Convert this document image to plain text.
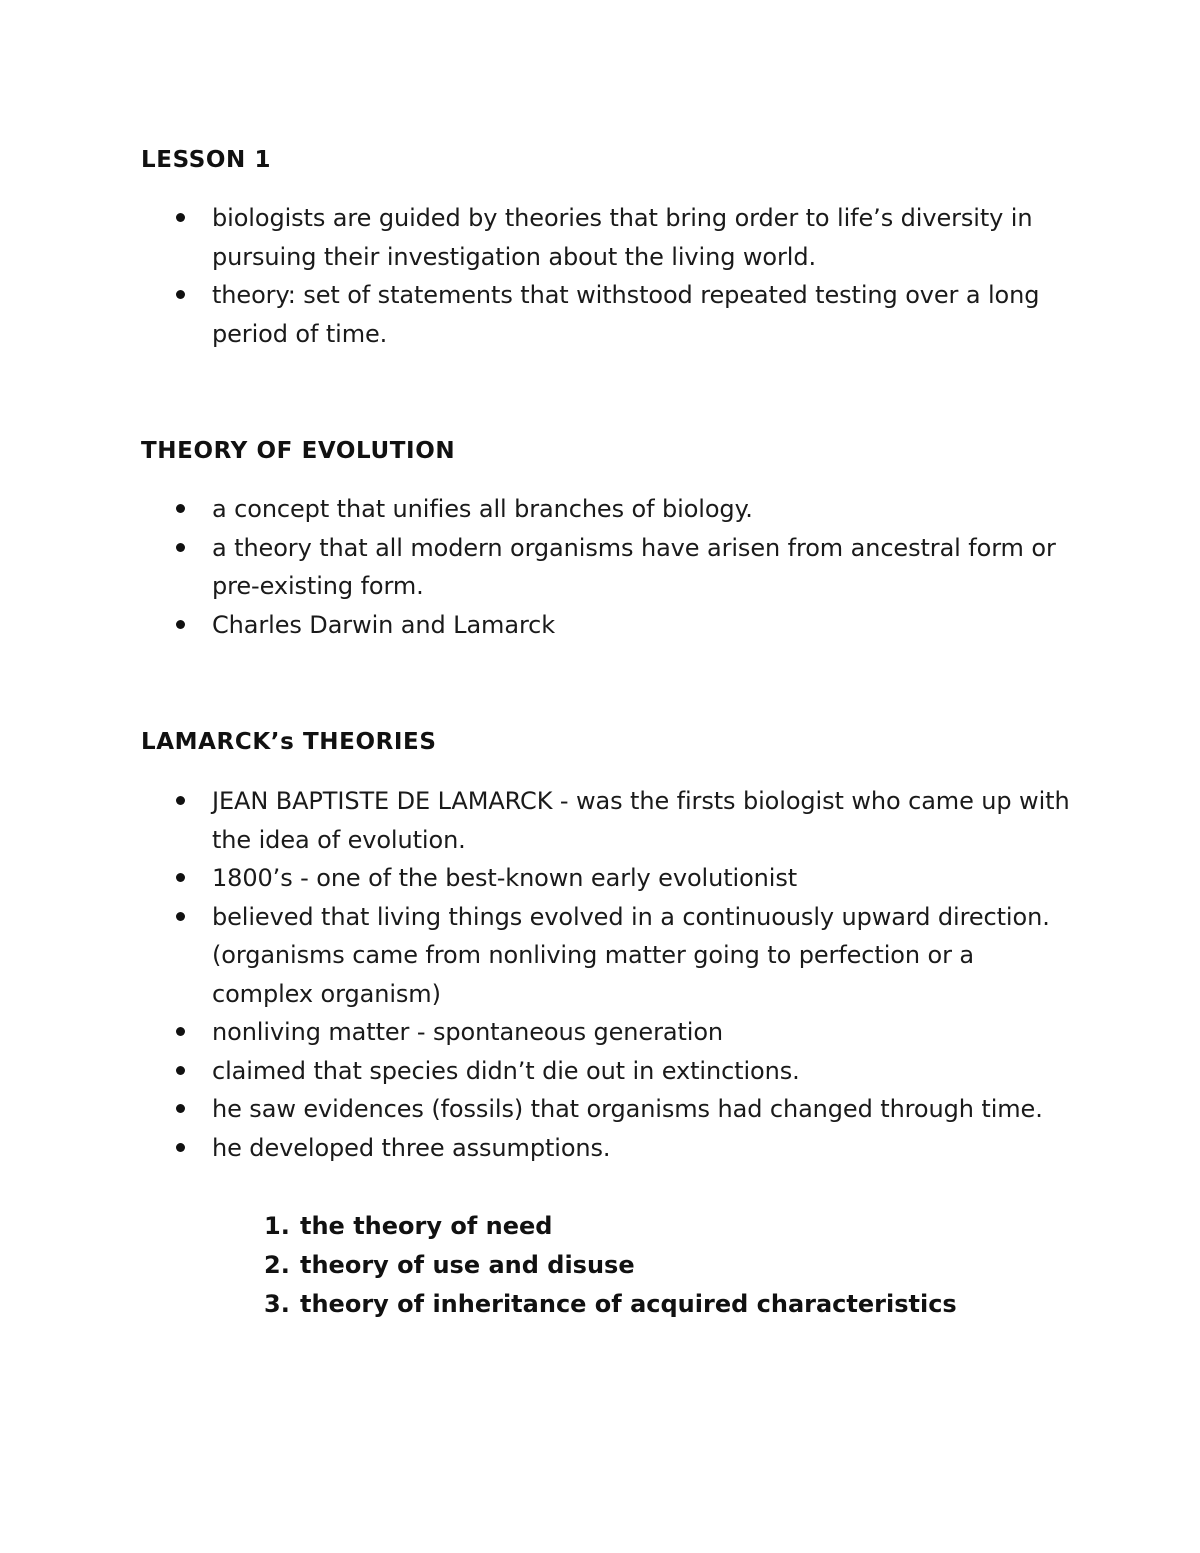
LESSON 1
biologists are guided by theories that bring order to life’s diversity in pursuing their investigation about the living world.
theory: set of statements that withstood repeated testing over a long period of time.
THEORY OF EVOLUTION
a concept that unifies all branches of biology.
a theory that all modern organisms have arisen from ancestral form or pre-existing form.
Charles Darwin and Lamarck
LAMARCK’s THEORIES
JEAN BAPTISTE DE LAMARCK - was the firsts biologist who came up with the idea of evolution.
1800’s - one of the best-known early evolutionist
believed that living things evolved in a continuously upward direction. (organisms came from nonliving matter going to perfection or a complex organism)
nonliving matter - spontaneous generation
claimed that species didn’t die out in extinctions.
he saw evidences (fossils) that organisms had changed through time.
he developed three assumptions.
1. the theory of need
2. theory of use and disuse
3. theory of inheritance of acquired characteristics
